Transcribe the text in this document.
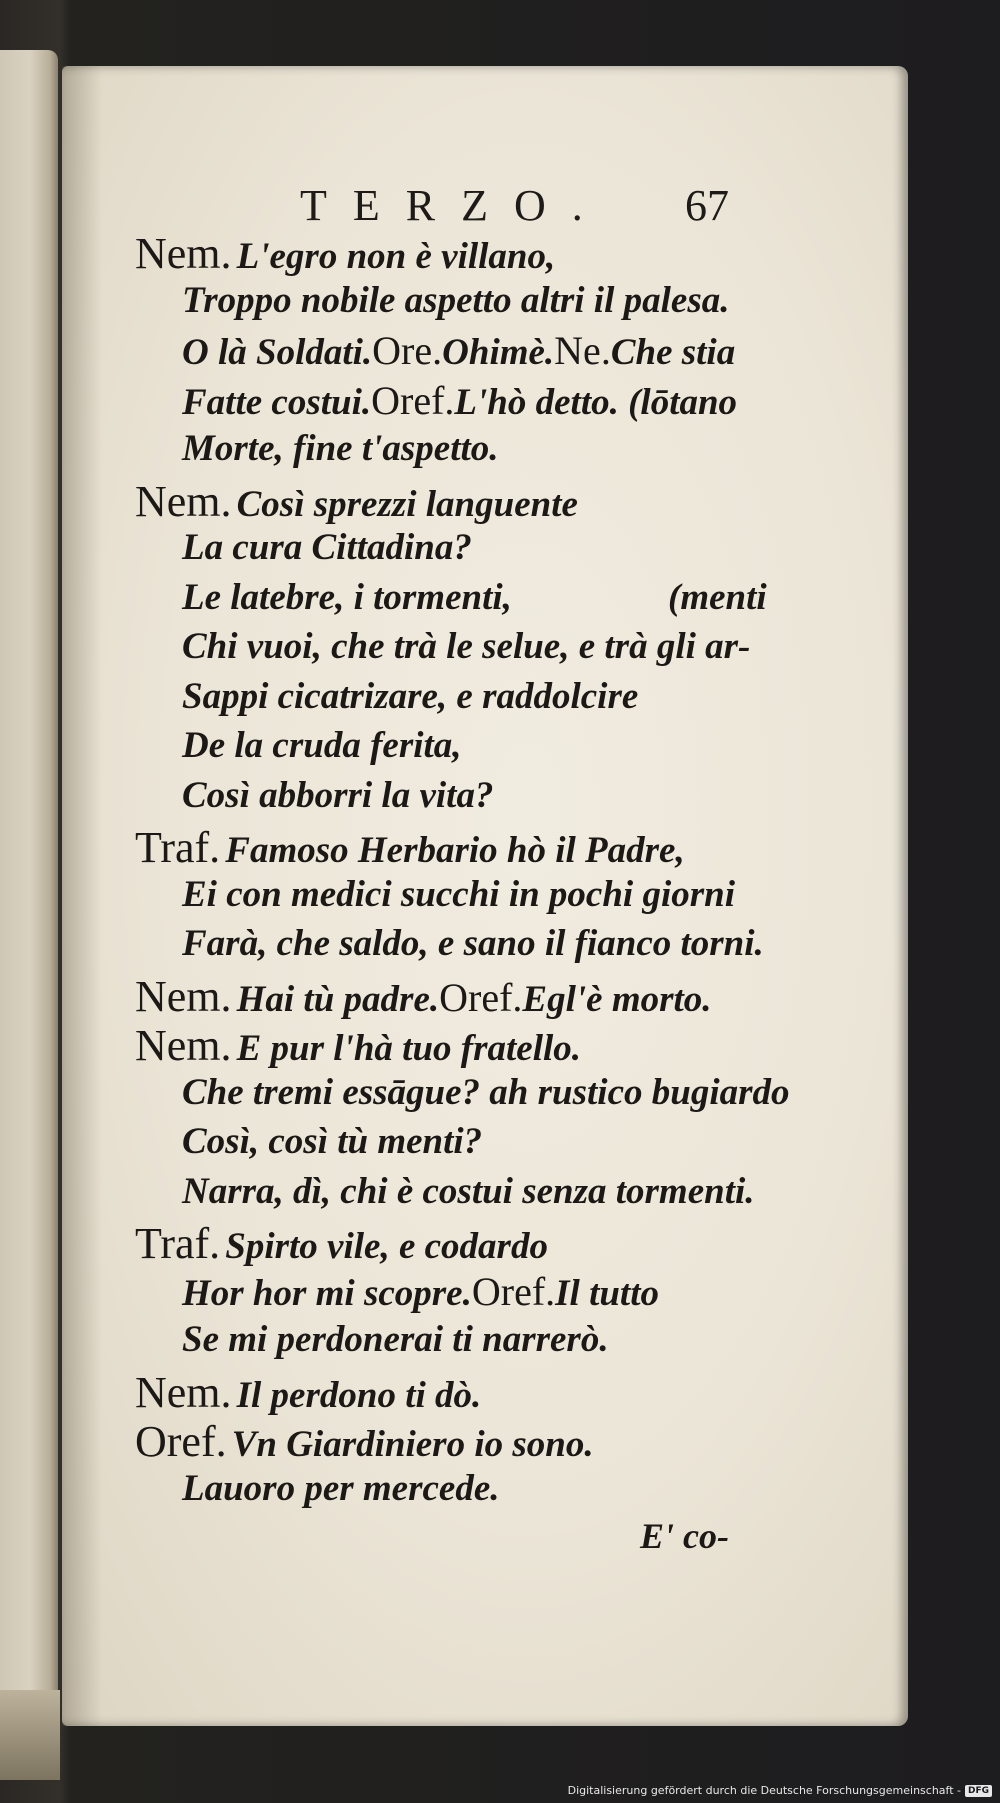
TERZO. 67
Nem. L'egro non è villano,
Troppo nobile aspetto altri il palesa.
O là Soldati.Ore.Ohimè.Ne.Che stia
Fatte costui.Oref.L'hò detto. (lōtano
Morte, fine t'aspetto.
Nem. Così sprezzi languente
La cura Cittadina?
Le latebre, i tormenti,	(menti
Chi vuoi, che trà le selue, e trà gli ar-
Sappi cicatrizare, e raddolcire
De la cruda ferita,
Così abborri la vita?
Traf. Famoso Herbario hò il Padre,
Ei con medici succhi in pochi giorni
Farà, che saldo, e sano il fianco torni.
Nem. Hai tù padre.Oref.Egl'è morto.
Nem. E pur l'hà tuo fratello.
Che tremi essāgue? ah rustico bugiardo
Così, così tù menti?
Narra, dì, chi è costui senza tormenti.
Traf. Spirto vile, e codardo
Hor hor mi scopre.Oref.Il tutto
Se mi perdonerai ti narrerò.
Nem. Il perdono ti dò.
Oref. Vn Giardiniero io sono.
Lauoro per mercede.
E' co-
Digitalisierung gefördert durch die Deutsche Forschungsgemeinschaft - DFG
